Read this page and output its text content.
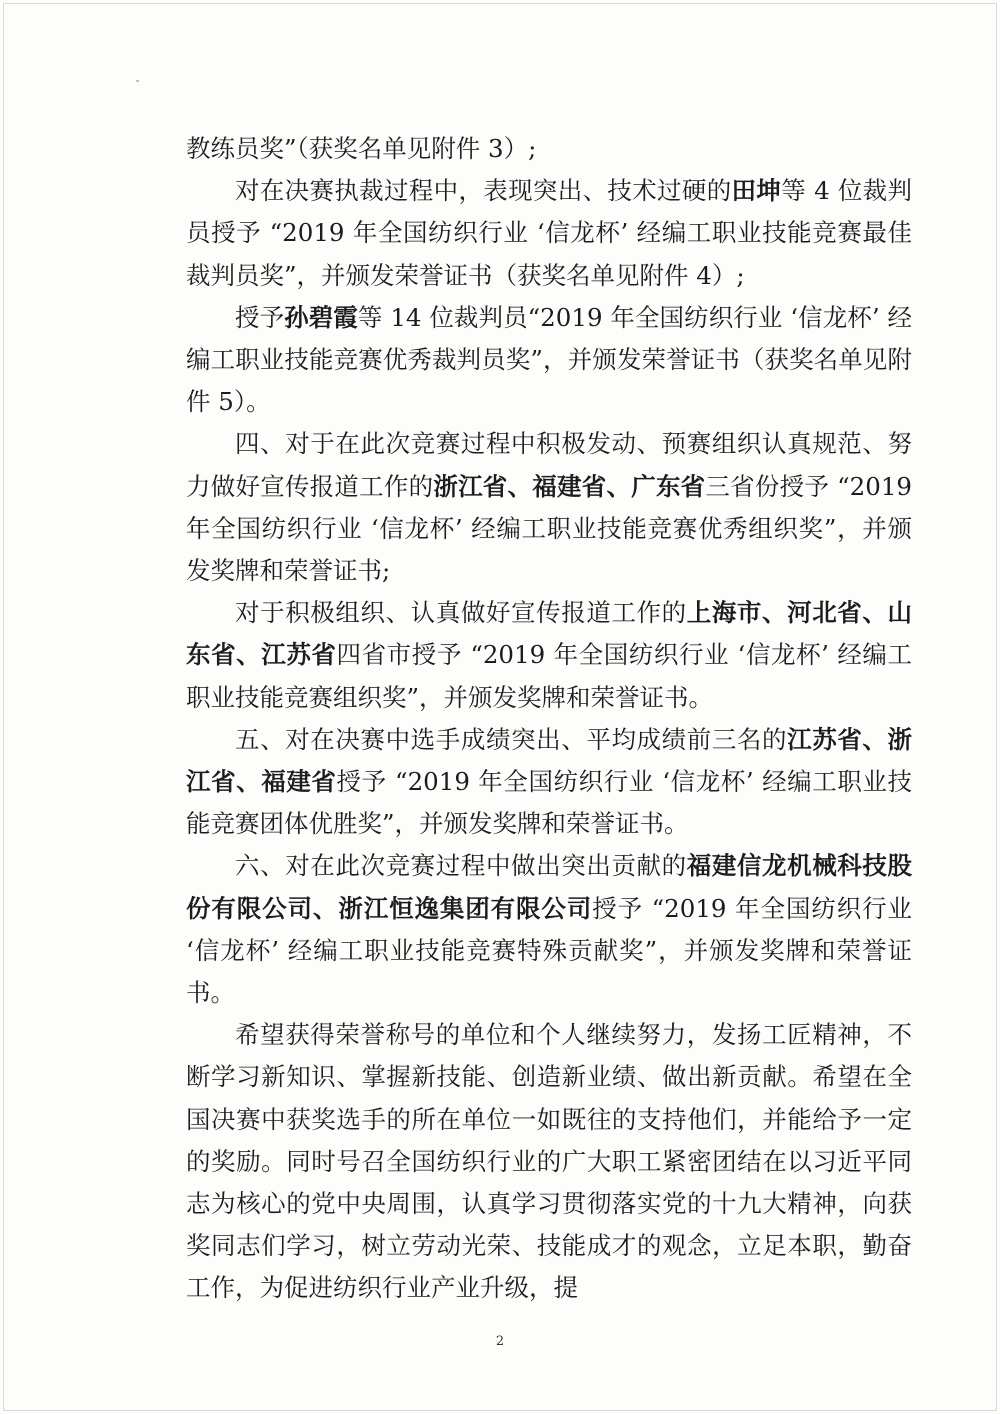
教练员奖”（获奖名单见附件 3）;

对在决赛执裁过程中，表现突出、技术过硬的田坤等 4 位裁判员授予 “2019 年全国纺织行业 ‘信龙杯’ 经编工职业技能竞赛最佳裁判员奖”，并颁发荣誉证书（获奖名单见附件 4）;

授予孙碧霞等 14 位裁判员“2019 年全国纺织行业 ‘信龙杯’ 经编工职业技能竞赛优秀裁判员奖”，并颁发荣誉证书（获奖名单见附件 5）。

四、对于在此次竞赛过程中积极发动、预赛组织认真规范、努力做好宣传报道工作的浙江省、福建省、广东省三省份授予 “2019 年全国纺织行业 ‘信龙杯’ 经编工职业技能竞赛优秀组织奖”，并颁发奖牌和荣誉证书;

对于积极组织、认真做好宣传报道工作的上海市、河北省、山东省、江苏省四省市授予 “2019 年全国纺织行业 ‘信龙杯’ 经编工职业技能竞赛组织奖”，并颁发奖牌和荣誉证书。

五、对在决赛中选手成绩突出、平均成绩前三名的江苏省、浙江省、福建省授予 “2019 年全国纺织行业 ‘信龙杯’ 经编工职业技能竞赛团体优胜奖”，并颁发奖牌和荣誉证书。

六、对在此次竞赛过程中做出突出贡献的福建信龙机械科技股份有限公司、浙江恒逸集团有限公司授予 “2019 年全国纺织行业 ‘信龙杯’ 经编工职业技能竞赛特殊贡献奖”，并颁发奖牌和荣誉证书。

希望获得荣誉称号的单位和个人继续努力，发扬工匠精神，不断学习新知识、掌握新技能、创造新业绩、做出新贡献。希望在全国决赛中获奖选手的所在单位一如既往的支持他们，并能给予一定的奖励。同时号召全国纺织行业的广大职工紧密团结在以习近平同志为核心的党中央周围，认真学习贯彻落实党的十九大精神，向获奖同志们学习，树立劳动光荣、技能成才的观念，立足本职，勤奋工作，为促进纺织行业产业升级，提

2
